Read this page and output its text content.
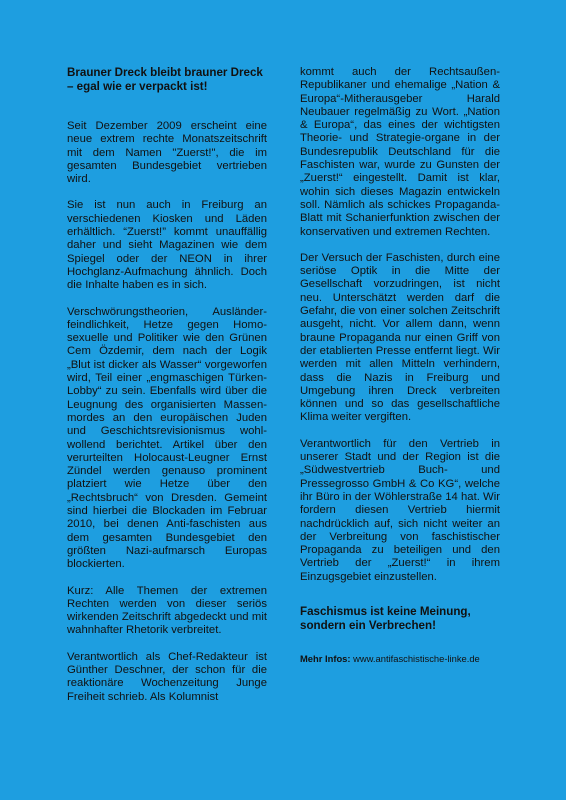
Brauner Dreck bleibt brauner Dreck – egal wie er verpackt ist!

Seit Dezember 2009 erscheint eine neue extrem rechte Monatszeitschrift mit dem Namen "Zuerst!", die im gesamten Bundesgebiet vertrieben wird.

Sie ist nun auch in Freiburg an verschiedenen Kiosken und Läden erhältlich. “Zuerst!” kommt unauffällig daher und sieht Magazinen wie dem Spiegel oder der NEON in ihrer Hochglanz-Aufmachung ähnlich. Doch die Inhalte haben es in sich.

Verschwörungstheorien, Ausländer-feindlichkeit, Hetze gegen Homo-sexuelle und Politiker wie den Grünen Cem Özdemir, dem nach der Logik „Blut ist dicker als Wasser“ vorgeworfen wird, Teil einer „engmaschigen Türken-Lobby“ zu sein. Ebenfalls wird über die Leugnung des organisierten Massen-mordes an den europäischen Juden und Geschichtsrevisionismus wohl-wollend berichtet. Artikel über den verurteilten Holocaust-Leugner Ernst Zündel werden genauso prominent platziert wie Hetze über den „Rechtsbruch“ von Dresden. Gemeint sind hierbei die Blockaden im Februar 2010, bei denen Anti-faschisten aus dem gesamten Bundesgebiet den größten Nazi-aufmarsch Europas blockierten.

Kurz: Alle Themen der extremen Rechten werden von dieser seriös wirkenden Zeitschrift abgedeckt und mit wahnhafter Rhetorik verbreitet.

Verantwortlich als Chef-Redakteur ist Günther Deschner, der schon für die reaktionäre Wochenzeitung Junge Freiheit schrieb. Als Kolumnist

kommt auch der Rechtsaußen-Republikaner und ehemalige „Nation & Europa“-Mitherausgeber Harald Neubauer regelmäßig zu Wort. „Nation & Europa“, das eines der wichtigsten Theorie- und Strategie-organe in der Bundesrepublik Deutschland für die Faschisten war, wurde zu Gunsten der „Zuerst!“ eingestellt. Damit ist klar, wohin sich dieses Magazin entwickeln soll. Nämlich als schickes Propaganda-Blatt mit Schanierfunktion zwischen der konservativen und extremen Rechten.

Der Versuch der Faschisten, durch eine seriöse Optik in die Mitte der Gesellschaft vorzudringen, ist nicht neu. Unterschätzt werden darf die Gefahr, die von einer solchen Zeitschrift ausgeht, nicht. Vor allem dann, wenn braune Propaganda nur einen Griff von der etablierten Presse entfernt liegt. Wir werden mit allen Mitteln verhindern, dass die Nazis in Freiburg und Umgebung ihren Dreck verbreiten können und so das gesellschaftliche Klima weiter vergiften.

Verantwortlich für den Vertrieb in unserer Stadt und der Region ist die „Südwestvertrieb Buch- und Pressegrosso GmbH & Co KG“, welche ihr Büro in der Wöhlerstraße 14 hat. Wir fordern diesen Vertrieb hiermit nachdrücklich auf, sich nicht weiter an der Verbreitung von faschistischer Propaganda zu beteiligen und den Vertrieb der „Zuerst!“ in ihrem Einzugsgebiet einzustellen.

Faschismus ist keine Meinung, sondern ein Verbrechen!
Mehr Infos: www.antifaschistische-linke.de
